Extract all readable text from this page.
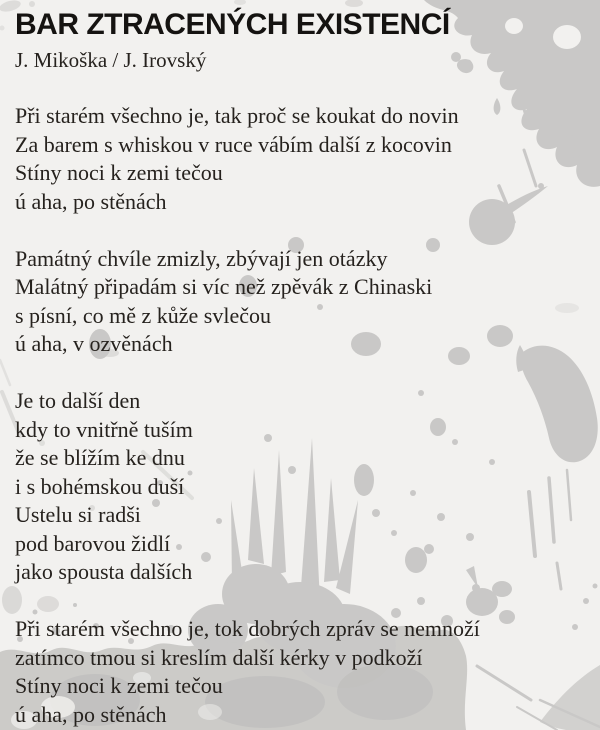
BAR ZTRACENÝCH EXISTENCÍ
J. Mikoška / J. Irovský
Při starém všechno je, tak proč se koukat do novin
Za barem s whiskou v ruce vábím další z kocovin
Stíny noci k zemi tečou
ú aha, po stěnách
Památný chvíle zmizly, zbývají jen otázky
Malátný připadám si víc než zpěvák z Chinaski
s písní, co mě z kůže svlečou
ú aha, v ozvěnách
Je to další den
kdy to vnitřně tuším
že se blížím ke dnu
i s bohémskou duší
Ustelu si radši
pod barovou židlí
jako spousta dalších
Při starém všechno je, tok dobrých zpráv se nemnoží
zatímco tmou si kreslím další kérky v podkoží
Stíny noci k zemi tečou
ú aha, po stěnách
